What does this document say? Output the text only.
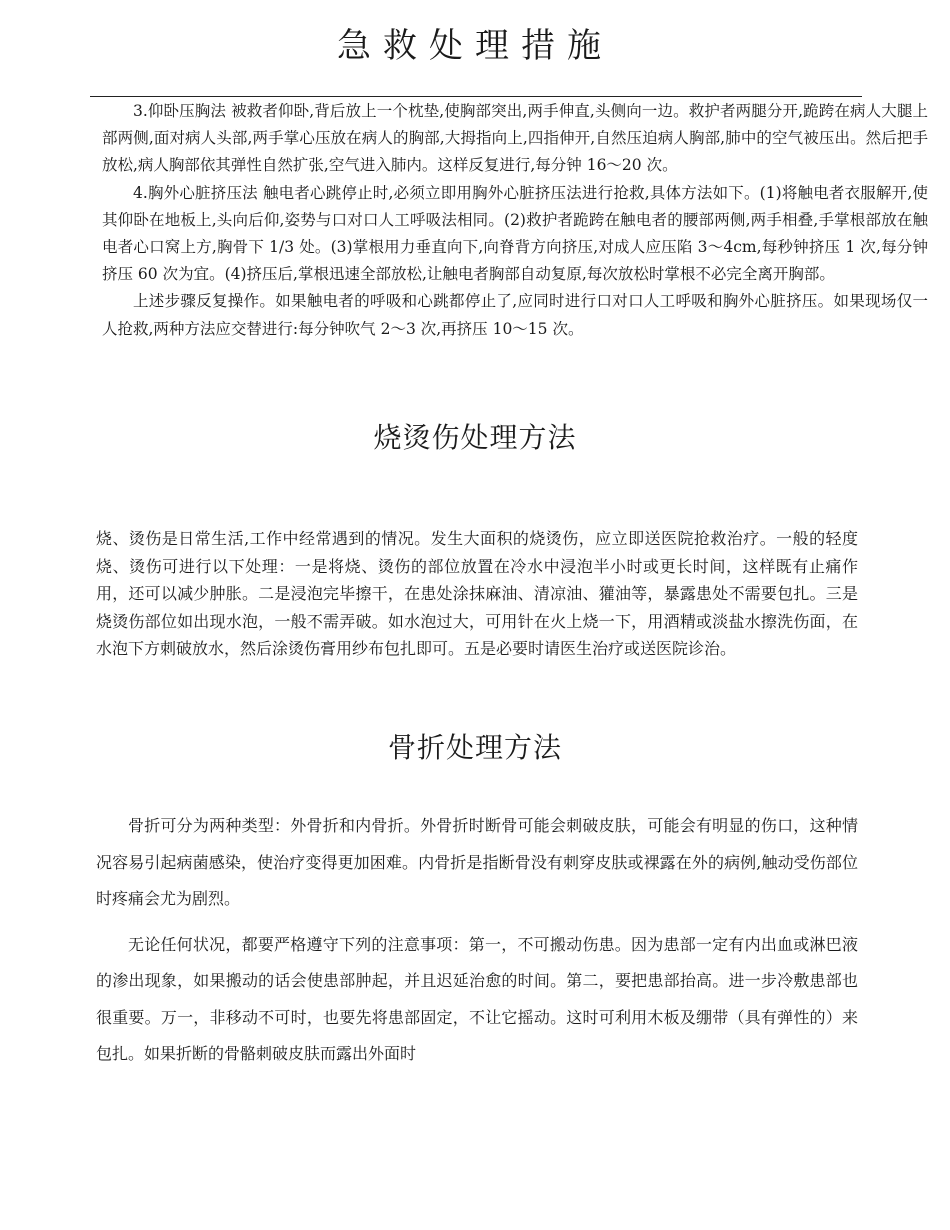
急救处理措施

3.仰卧压胸法 被救者仰卧,背后放上一个枕垫,使胸部突出,两手伸直,头侧向一边。救护者两腿分开,跪跨在病人大腿上部两侧,面对病人头部,两手掌心压放在病人的胸部,大拇指向上,四指伸开,自然压迫病人胸部,肺中的空气被压出。然后把手放松,病人胸部依其弹性自然扩张,空气进入肺内。这样反复进行,每分钟 16～20 次。

4.胸外心脏挤压法 触电者心跳停止时,必须立即用胸外心脏挤压法进行抢救,具体方法如下。(1)将触电者衣服解开,使其仰卧在地板上,头向后仰,姿势与口对口人工呼吸法相同。(2)救护者跪跨在触电者的腰部两侧,两手相叠,手掌根部放在触电者心口窝上方,胸骨下 1/3 处。(3)掌根用力垂直向下,向脊背方向挤压,对成人应压陷 3～4cm,每秒钟挤压 1 次,每分钟挤压 60 次为宜。(4)挤压后,掌根迅速全部放松,让触电者胸部自动复原,每次放松时掌根不必完全离开胸部。

上述步骤反复操作。如果触电者的呼吸和心跳都停止了,应同时进行口对口人工呼吸和胸外心脏挤压。如果现场仅一人抢救,两种方法应交替进行:每分钟吹气 2～3 次,再挤压 10～15 次。

烧烫伤处理方法

烧、烫伤是日常生活,工作中经常遇到的情况。发生大面积的烧烫伤，应立即送医院抢救治疗。一般的轻度烧、烫伤可进行以下处理：一是将烧、烫伤的部位放置在冷水中浸泡半小时或更长时间，这样既有止痛作用，还可以减少肿胀。二是浸泡完毕擦干，在患处涂抹麻油、清凉油、獾油等，暴露患处不需要包扎。三是烧烫伤部位如出现水泡，一般不需弄破。如水泡过大，可用针在火上烧一下，用酒精或淡盐水擦洗伤面，在水泡下方刺破放水，然后涂烫伤膏用纱布包扎即可。五是必要时请医生治疗或送医院诊治。

骨折处理方法

骨折可分为两种类型：外骨折和内骨折。外骨折时断骨可能会刺破皮肤，可能会有明显的伤口，这种情况容易引起病菌感染，使治疗变得更加困难。内骨折是指断骨没有刺穿皮肤或裸露在外的病例,触动受伤部位时疼痛会尤为剧烈。

无论任何状况，都要严格遵守下列的注意事项：第一，不可搬动伤患。因为患部一定有内出血或淋巴液的渗出现象，如果搬动的话会使患部肿起，并且迟延治愈的时间。第二，要把患部抬高。进一步冷敷患部也很重要。万一，非移动不可时，也要先将患部固定，不让它摇动。这时可利用木板及绷带（具有弹性的）来包扎。如果折断的骨骼刺破皮肤而露出外面时
